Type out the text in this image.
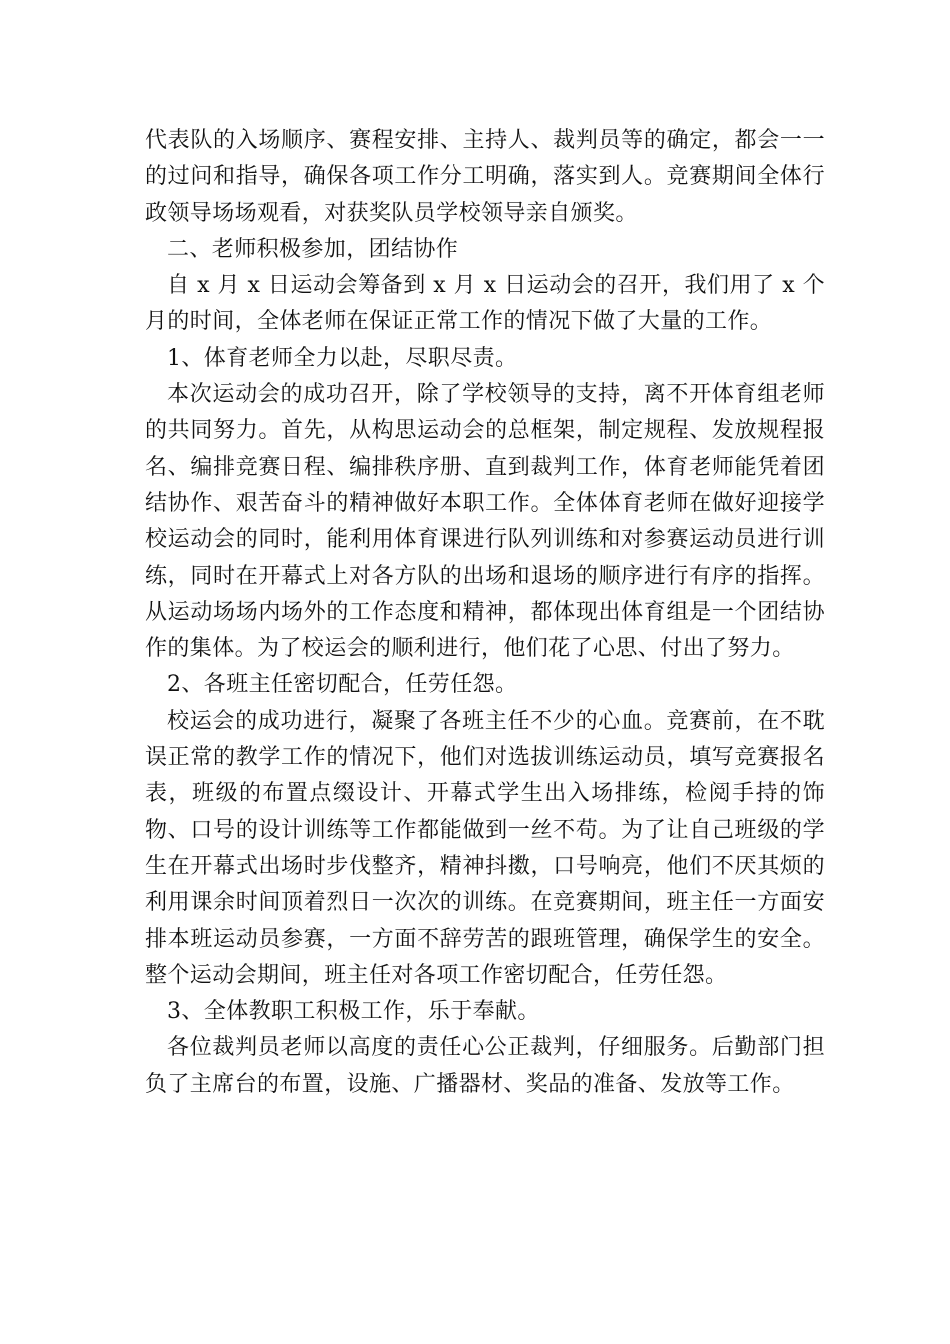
代表队的入场顺序、赛程安排、主持人、裁判员等的确定，都会一一的过问和指导，确保各项工作分工明确，落实到人。竞赛期间全体行政领导场场观看，对获奖队员学校领导亲自颁奖。

二、老师积极参加，团结协作

自 x 月 x 日运动会筹备到 x 月 x 日运动会的召开，我们用了 x 个月的时间，全体老师在保证正常工作的情况下做了大量的工作。

1、体育老师全力以赴，尽职尽责。

本次运动会的成功召开，除了学校领导的支持，离不开体育组老师的共同努力。首先，从构思运动会的总框架，制定规程、发放规程报名、编排竞赛日程、编排秩序册、直到裁判工作，体育老师能凭着团结协作、艰苦奋斗的精神做好本职工作。全体体育老师在做好迎接学校运动会的同时，能利用体育课进行队列训练和对参赛运动员进行训练，同时在开幕式上对各方队的出场和退场的顺序进行有序的指挥。从运动场场内场外的工作态度和精神，都体现出体育组是一个团结协作的集体。为了校运会的顺利进行，他们花了心思、付出了努力。

2、各班主任密切配合，任劳任怨。

校运会的成功进行，凝聚了各班主任不少的心血。竞赛前，在不耽误正常的教学工作的情况下，他们对选拔训练运动员，填写竞赛报名表，班级的布置点缀设计、开幕式学生出入场排练，检阅手持的饰物、口号的设计训练等工作都能做到一丝不苟。为了让自己班级的学生在开幕式出场时步伐整齐，精神抖擞，口号响亮，他们不厌其烦的利用课余时间顶着烈日一次次的训练。在竞赛期间，班主任一方面安排本班运动员参赛，一方面不辞劳苦的跟班管理，确保学生的安全。整个运动会期间，班主任对各项工作密切配合，任劳任怨。

3、全体教职工积极工作，乐于奉献。

各位裁判员老师以高度的责任心公正裁判，仔细服务。后勤部门担负了主席台的布置，设施、广播器材、奖品的准备、发放等工作。
